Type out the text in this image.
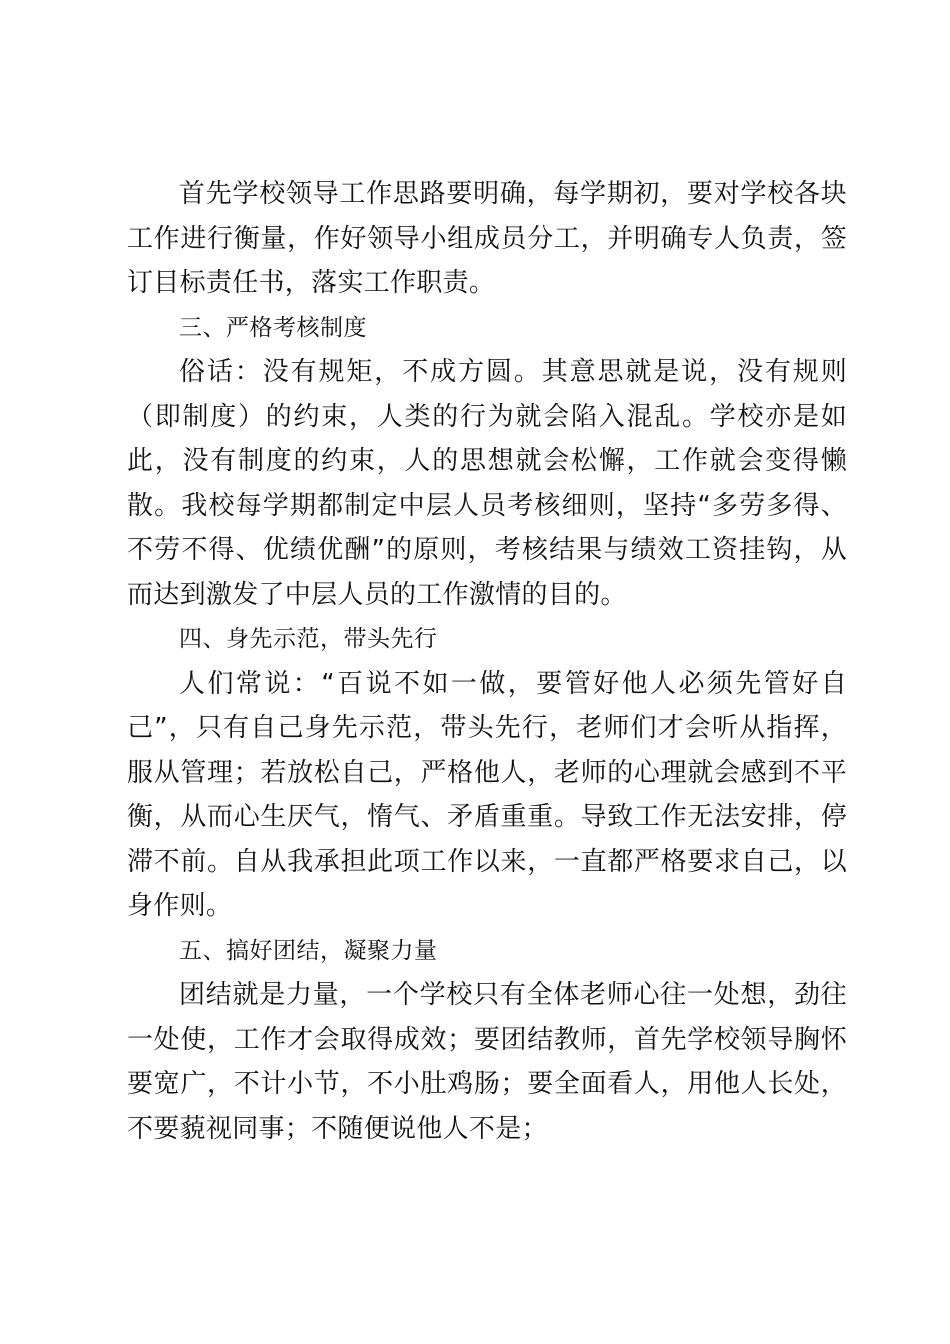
首先学校领导工作思路要明确，每学期初，要对学校各块工作进行衡量，作好领导小组成员分工，并明确专人负责，签订目标责任书，落实工作职责。

三、严格考核制度

俗话：没有规矩，不成方圆。其意思就是说，没有规则（即制度）的约束，人类的行为就会陷入混乱。学校亦是如此，没有制度的约束，人的思想就会松懈，工作就会变得懒散。我校每学期都制定中层人员考核细则，坚持“多劳多得、不劳不得、优绩优酬”的原则，考核结果与绩效工资挂钩，从而达到激发了中层人员的工作激情的目的。

四、身先示范，带头先行

人们常说：“百说不如一做，要管好他人必须先管好自己”，只有自己身先示范，带头先行，老师们才会听从指挥，服从管理；若放松自己，严格他人，老师的心理就会感到不平衡，从而心生厌气，惰气、矛盾重重。导致工作无法安排，停滞不前。自从我承担此项工作以来，一直都严格要求自己，以身作则。

五、搞好团结，凝聚力量

团结就是力量，一个学校只有全体老师心往一处想，劲往一处使，工作才会取得成效；要团结教师，首先学校领导胸怀要宽广，不计小节，不小肚鸡肠；要全面看人，用他人长处，不要藐视同事；不随便说他人不是；
